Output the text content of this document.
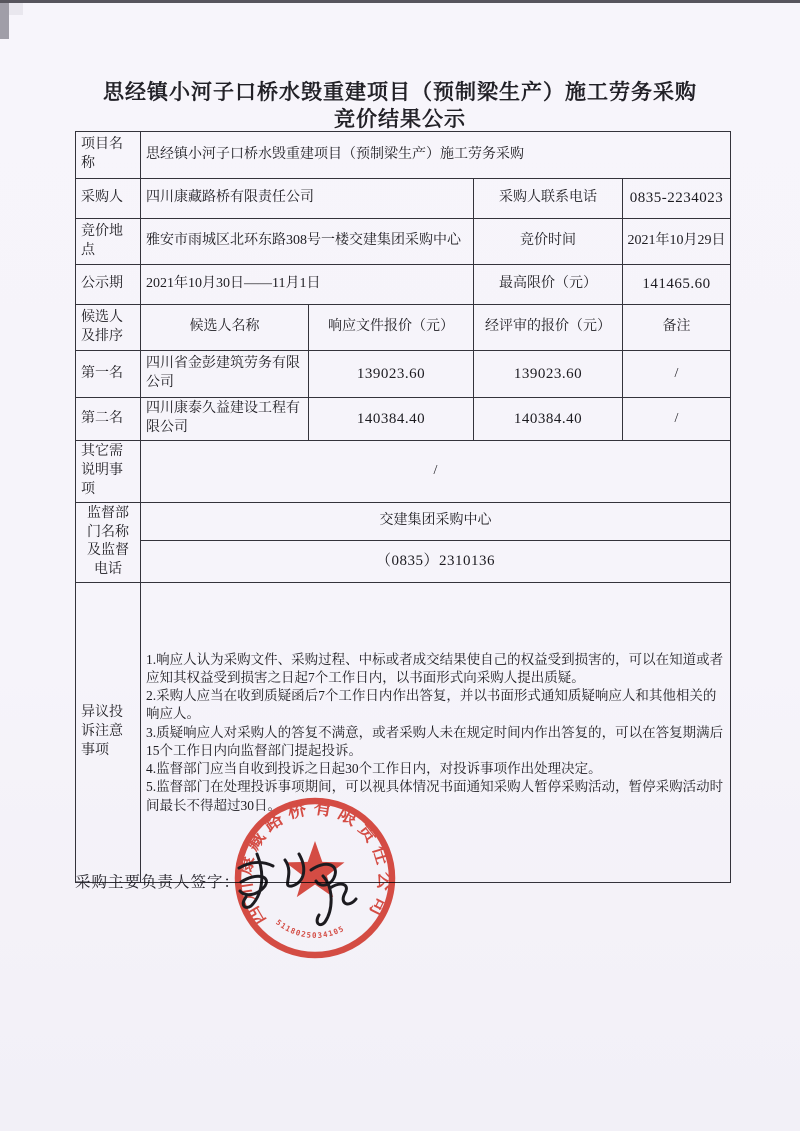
思经镇小河子口桥水毁重建项目（预制梁生产）施工劳务采购
竞价结果公示
项目名称	思经镇小河子口桥水毁重建项目（预制梁生产）施工劳务采购			
采购人	四川康藏路桥有限责任公司		采购人联系电话	0835-2234023
竞价地点	雅安市雨城区北环东路308号一楼交建集团采购中心		竞价时间	2021年10月29日
公示期	2021年10月30日——11月1日		最高限价（元）	141465.60
候选人及排序	候选人名称	响应文件报价（元）	经评审的报价（元）	备注
第一名	四川省金彭建筑劳务有限公司	139023.60	139023.60	/
第二名	四川康泰久益建设工程有限公司	140384.40	140384.40	/
其它需说明事项	/			
监督部门名称及监督电话	交建集团采购中心			
	（0835）2310136			
异议投诉注意事项	1.响应人认为采购文件、采购过程、中标或者成交结果使自己的权益受到损害的，可以在知道或者应知其权益受到损害之日起7个工作日内，以书面形式向采购人提出质疑。
2.采购人应当在收到质疑函后7个工作日内作出答复，并以书面形式通知质疑响应人和其他相关的响应人。
3.质疑响应人对采购人的答复不满意，或者采购人未在规定时间内作出答复的，可以在答复期满后15个工作日内向监督部门提起投诉。
4.监督部门应当自收到投诉之日起30个工作日内，对投诉事项作出处理决定。
5.监督部门在处理投诉事项期间，可以视具体情况书面通知采购人暂停采购活动，暂停采购活动时间最长不得超过30日。			
采购主要负责人签字：
四川康藏路桥有限责任公司
5118025034105
